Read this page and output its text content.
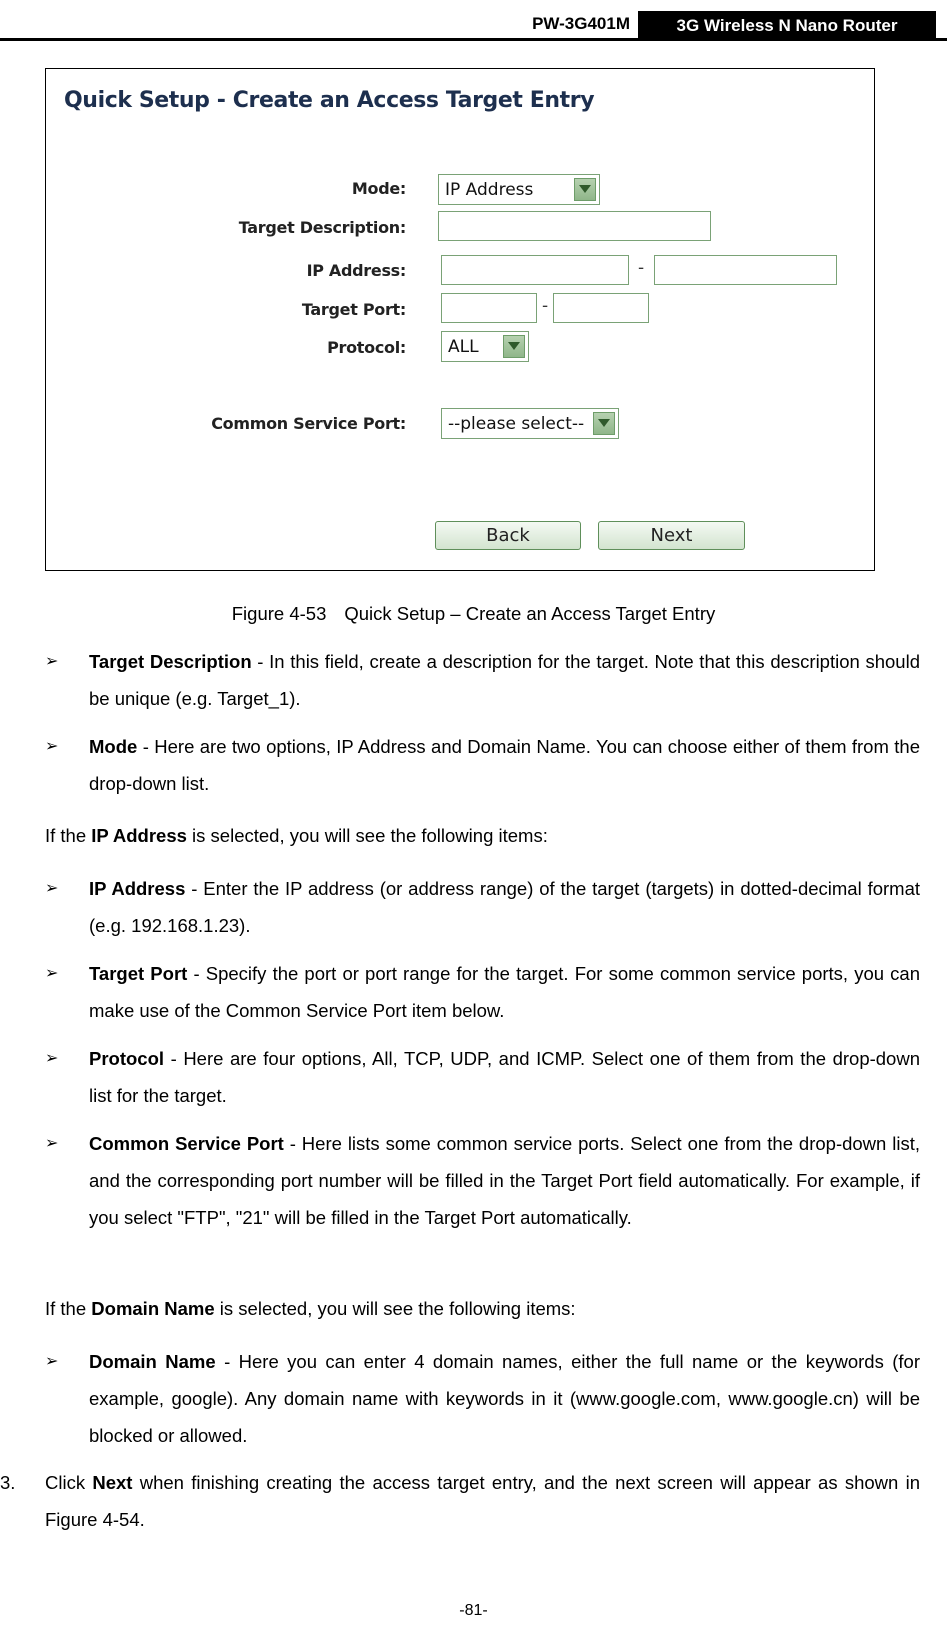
PW-3G401M	3G Wireless N Nano Router
Quick Setup - Create an Access Target Entry
Mode: IP Address
Target Description:
IP Address:	-
Target Port:	-
Protocol: ALL
Common Service Port: --please select--
Back	Next
Figure 4-53 Quick Setup – Create an Access Target Entry
➢ Target Description - In this field, create a description for the target. Note that this description should be unique (e.g. Target_1).
➢ Mode - Here are two options, IP Address and Domain Name. You can choose either of them from the drop-down list.
If the IP Address is selected, you will see the following items:
➢ IP Address - Enter the IP address (or address range) of the target (targets) in dotted-decimal format (e.g. 192.168.1.23).
➢ Target Port - Specify the port or port range for the target. For some common service ports, you can make use of the Common Service Port item below.
➢ Protocol - Here are four options, All, TCP, UDP, and ICMP. Select one of them from the drop-down list for the target.
➢ Common Service Port - Here lists some common service ports. Select one from the drop-down list, and the corresponding port number will be filled in the Target Port field automatically. For example, if you select "FTP", "21" will be filled in the Target Port automatically.
If the Domain Name is selected, you will see the following items:
➢ Domain Name - Here you can enter 4 domain names, either the full name or the keywords (for example, google). Any domain name with keywords in it (www.google.com, www.google.cn) will be blocked or allowed.
3. Click Next when finishing creating the access target entry, and the next screen will appear as shown in Figure 4-54.
-81-
